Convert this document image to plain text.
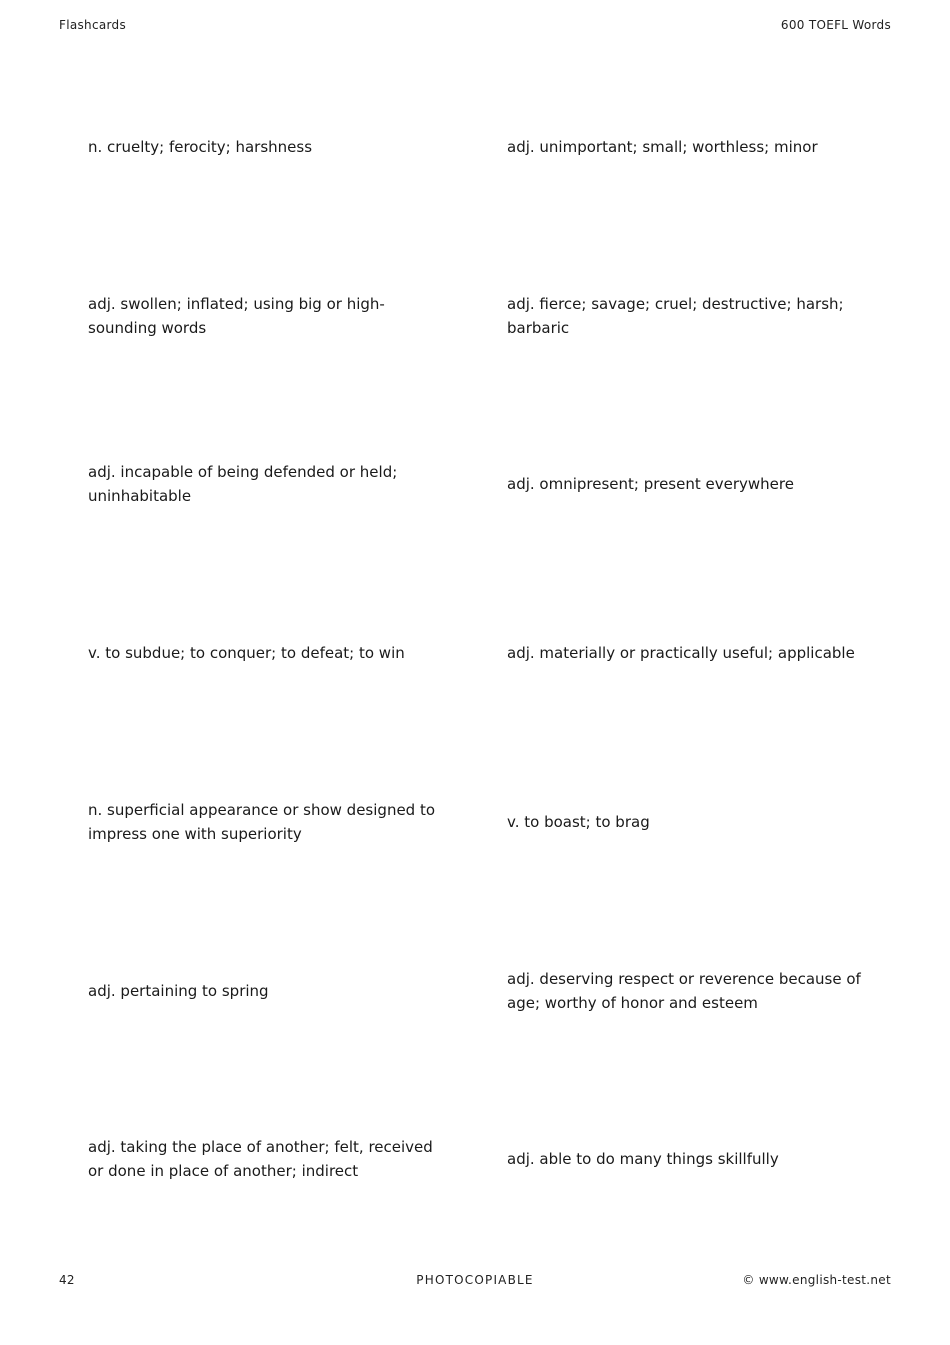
Flashcards	600 TOEFL Words
n. cruelty; ferocity; harshness	adj. unimportant; small; worthless; minor
adj. swollen; inflated; using big or high-sounding words
adj. fierce; savage; cruel; destructive; harsh; barbaric
adj. incapable of being defended or held; uninhabitable
adj. omnipresent; present everywhere
v. to subdue; to conquer; to defeat; to win	adj. materially or practically useful; applicable
n. superficial appearance or show designed to impress one with superiority
v. to boast; to brag
adj. pertaining to spring
adj. deserving respect or reverence because of age; worthy of honor and esteem
adj. taking the place of another; felt, received or done in place of another; indirect
adj. able to do many things skillfully
42	PHOTOCOPIABLE	© www.english-test.net
